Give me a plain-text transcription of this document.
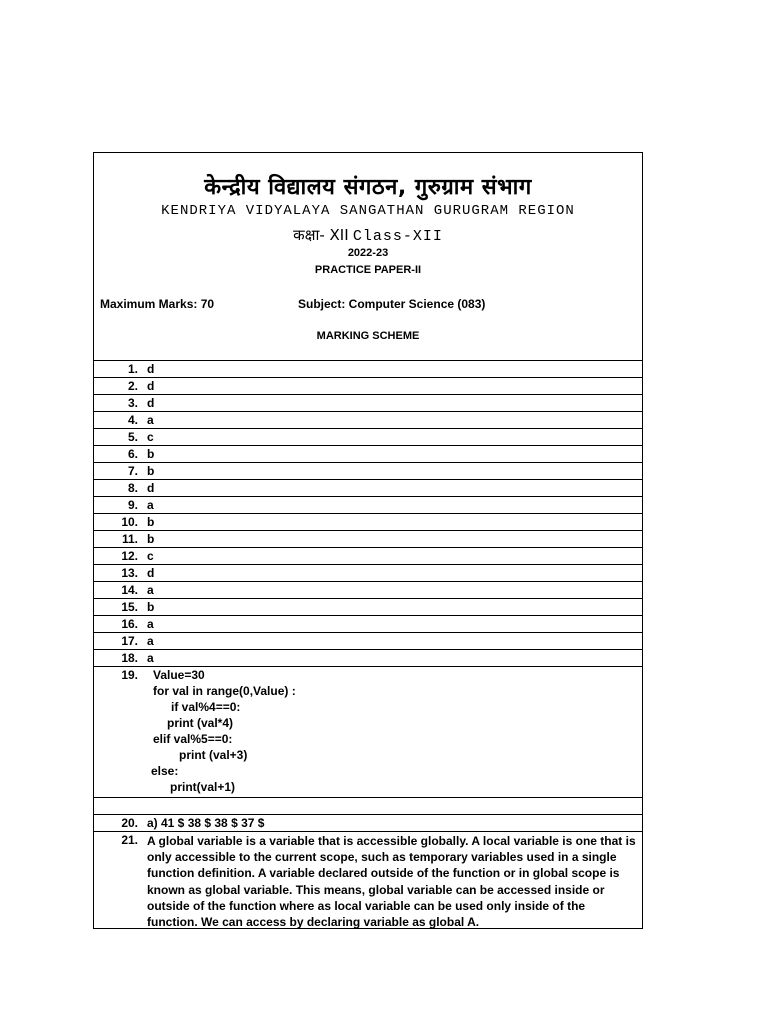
केन्द्रीय विद्यालय संगठन, गुरुग्राम संभाग
KENDRIYA VIDYALAYA SANGATHAN GURUGRAM REGION
कक्षा- XII Class-XII
2022-23
PRACTICE PAPER-II
Maximum Marks: 70	Subject: Computer Science (083)
MARKING SCHEME
1. d
2. d
3. d
4. a
5. c
6. b
7. b
8. d
9. a
10. b
11. b
12. c
13. d
14. a
15. b
16. a
17. a
18. a
19. Value=30
for val in range(0,Value) :
if val%4==0:
print (val*4)
elif val%5==0:
print (val+3)
else:
print(val+1)
20. a) 41 $ 38 $ 38 $ 37 $
21. A global variable is a variable that is accessible globally. A local variable is one that is only accessible to the current scope, such as temporary variables used in a single function definition. A variable declared outside of the function or in global scope is known as global variable. This means, global variable can be accessed inside or outside of the function where as local variable can be used only inside of the function. We can access by declaring variable as global A.
